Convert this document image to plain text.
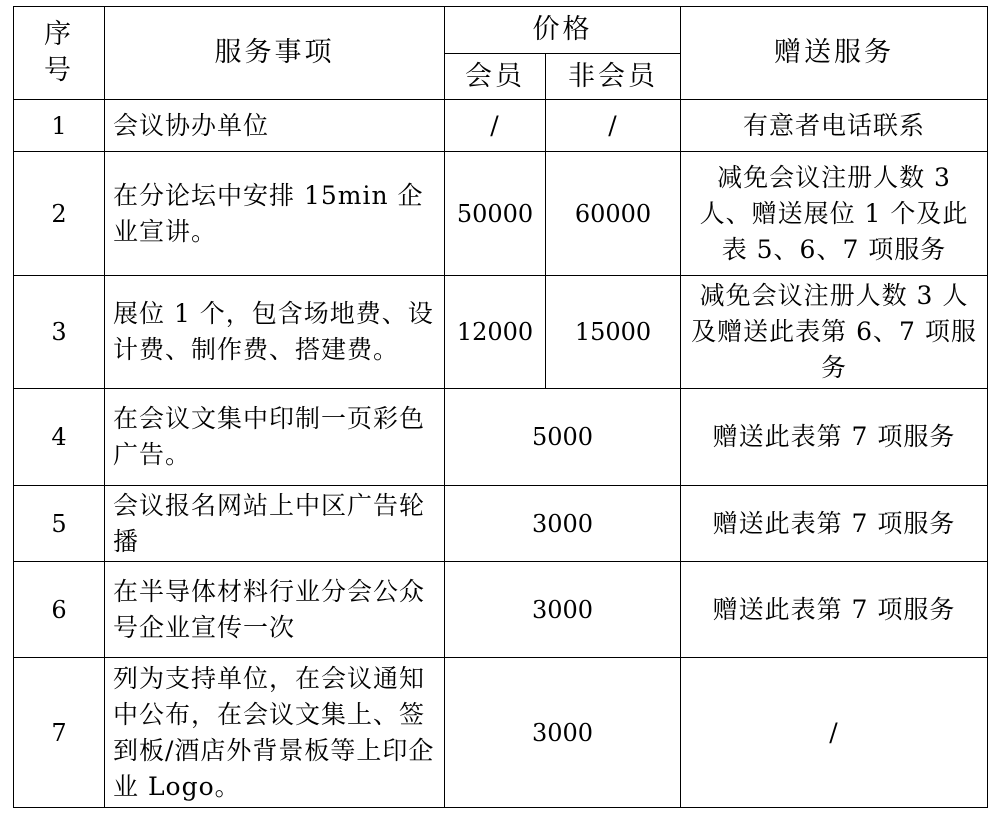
序号	服务事项	价格		赠送服务
		会员	非会员	
1	会议协办单位	/	/	有意者电话联系
2	在分论坛中安排 15min 企业宣讲。	50000	60000	减免会议注册人数 3 人、赠送展位 1 个及此表 5、6、7 项服务
3	展位 1 个，包含场地费、设计费、制作费、搭建费。	12000	15000	减免会议注册人数 3 人及赠送此表第 6、7 项服务
4	在会议文集中印制一页彩色广告。	5000		赠送此表第 7 项服务
5	会议报名网站上中区广告轮播	3000		赠送此表第 7 项服务
6	在半导体材料行业分会公众号企业宣传一次	3000		赠送此表第 7 项服务
7	列为支持单位，在会议通知中公布，在会议文集上、签到板/酒店外背景板等上印企业 Logo。	3000		/
